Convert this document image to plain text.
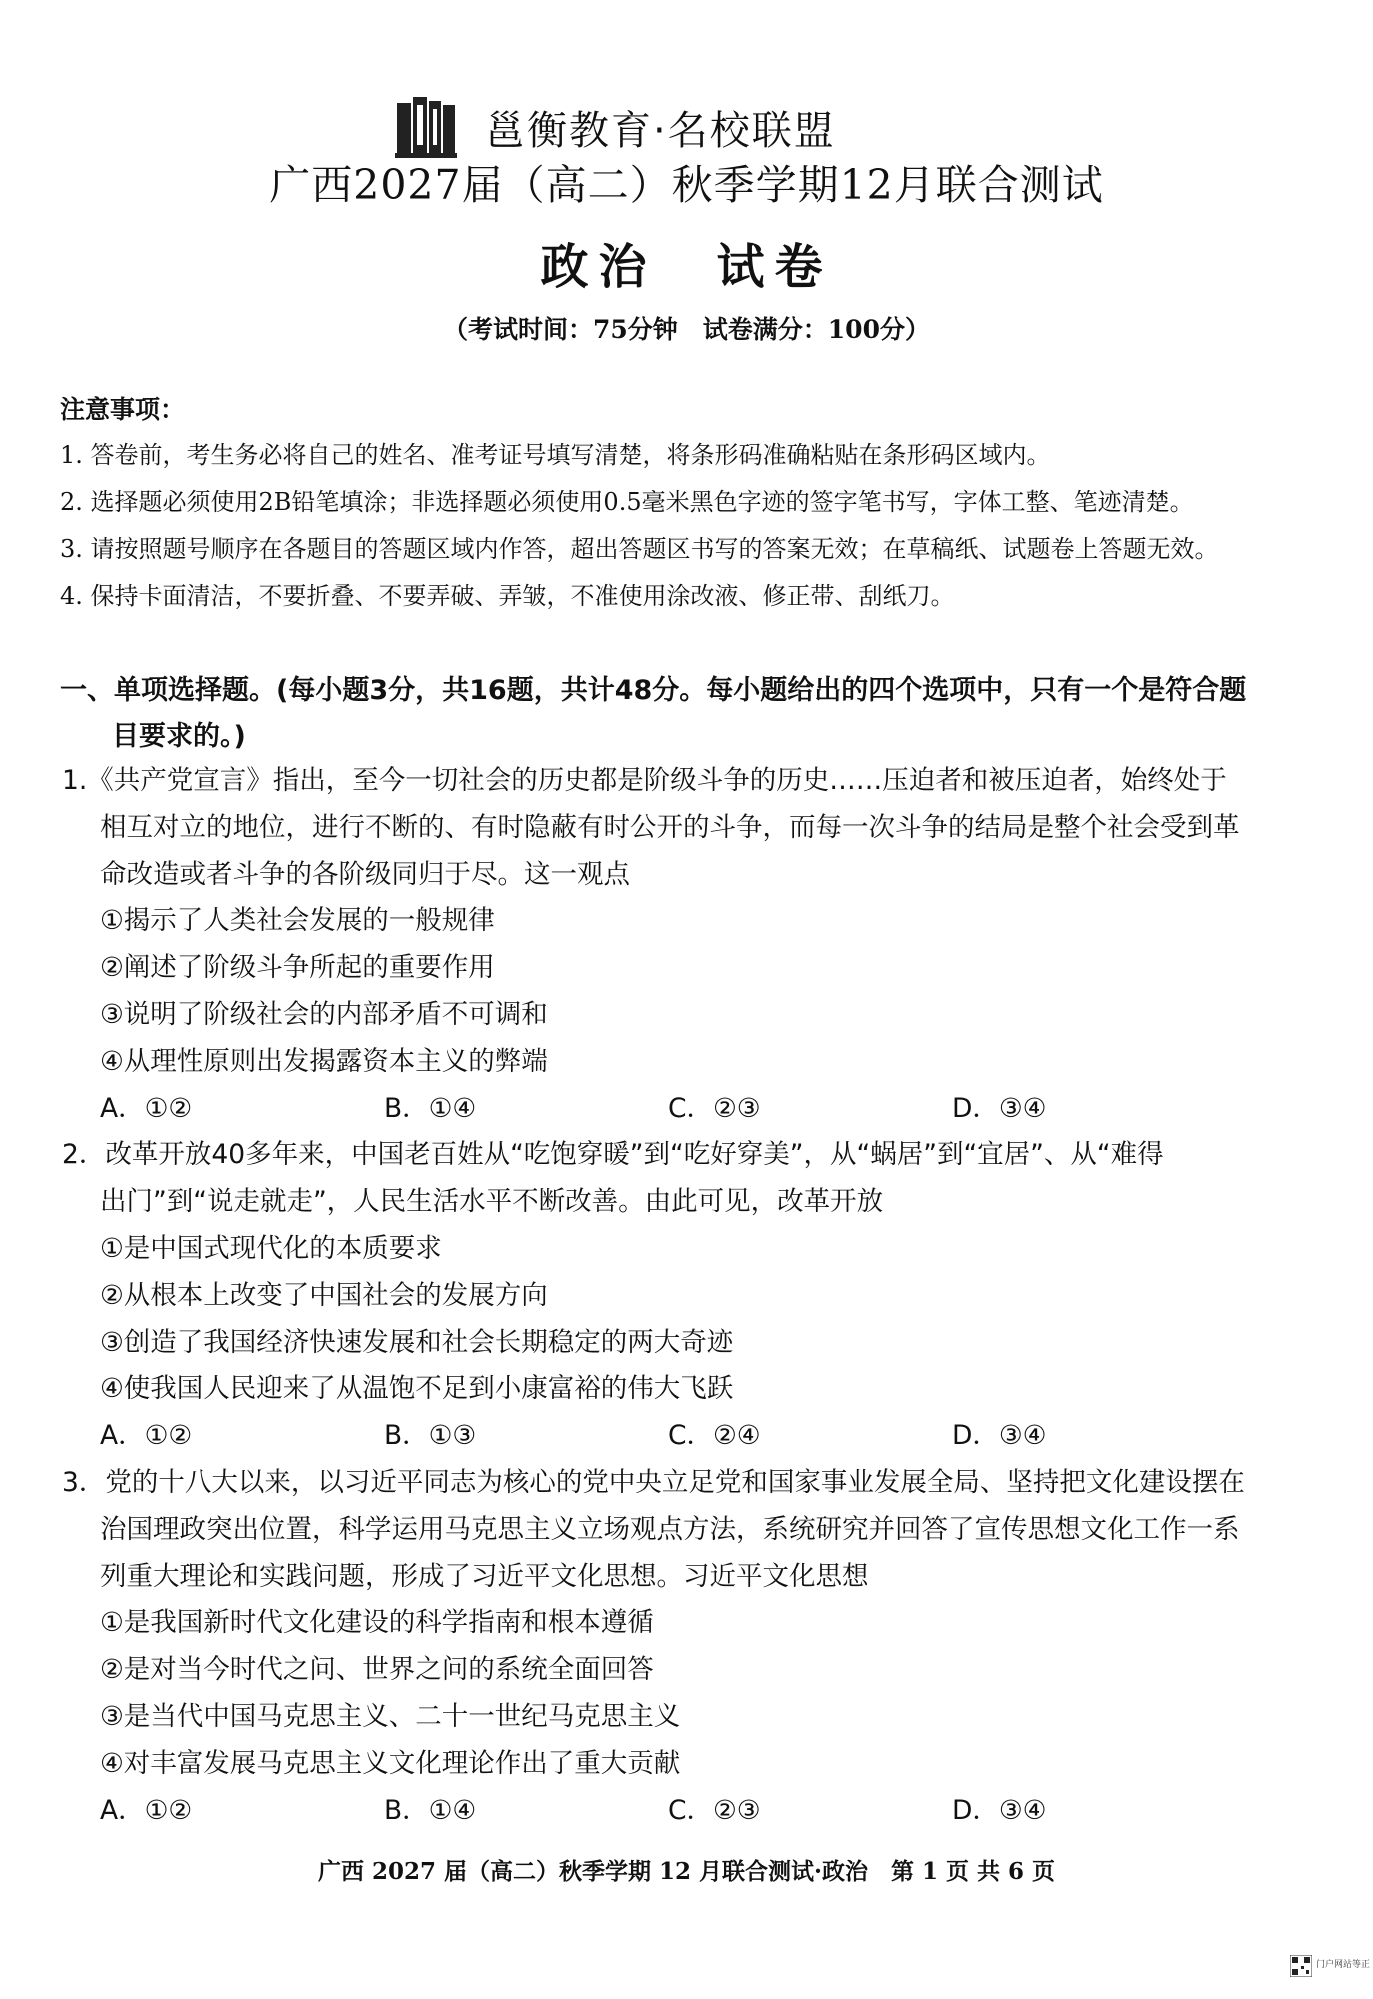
邕衡教育·名校联盟
广西2027届（高二）秋季学期12月联合测试
政治 试卷
（考试时间：75分钟　试卷满分：100分）
注意事项：
1. 答卷前，考生务必将自己的姓名、准考证号填写清楚，将条形码准确粘贴在条形码区域内。
2. 选择题必须使用2B铅笔填涂；非选择题必须使用0.5毫米黑色字迹的签字笔书写，字体工整、笔迹清楚。
3. 请按照题号顺序在各题目的答题区域内作答，超出答题区书写的答案无效；在草稿纸、试题卷上答题无效。
4. 保持卡面清洁，不要折叠、不要弄破、弄皱，不准使用涂改液、修正带、刮纸刀。
一、单项选择题。(每小题3分，共16题，共计48分。每小题给出的四个选项中，只有一个是符合题
目要求的。)
1.《共产党宣言》指出，至今一切社会的历史都是阶级斗争的历史……压迫者和被压迫者，始终处于
相互对立的地位，进行不断的、有时隐蔽有时公开的斗争，而每一次斗争的结局是整个社会受到革
命改造或者斗争的各阶级同归于尽。这一观点
①揭示了人类社会发展的一般规律
②阐述了阶级斗争所起的重要作用
③说明了阶级社会的内部矛盾不可调和
④从理性原则出发揭露资本主义的弊端
A．①②	B．①④	C．②③	D．③④
2．改革开放40多年来，中国老百姓从“吃饱穿暖”到“吃好穿美”，从“蜗居”到“宜居”、从“难得
出门”到“说走就走”，人民生活水平不断改善。由此可见，改革开放
①是中国式现代化的本质要求
②从根本上改变了中国社会的发展方向
③创造了我国经济快速发展和社会长期稳定的两大奇迹
④使我国人民迎来了从温饱不足到小康富裕的伟大飞跃
A．①②	B．①③	C．②④	D．③④
3．党的十八大以来，以习近平同志为核心的党中央立足党和国家事业发展全局、坚持把文化建设摆在
治国理政突出位置，科学运用马克思主义立场观点方法，系统研究并回答了宣传思想文化工作一系
列重大理论和实践问题，形成了习近平文化思想。习近平文化思想
①是我国新时代文化建设的科学指南和根本遵循
②是对当今时代之问、世界之问的系统全面回答
③是当代中国马克思主义、二十一世纪马克思主义
④对丰富发展马克思主义文化理论作出了重大贡献
A．①②	B．①④	C．②③	D．③④
广西 2027 届（高二）秋季学期 12 月联合测试·政治　第 1 页 共 6 页
门户网站等正
